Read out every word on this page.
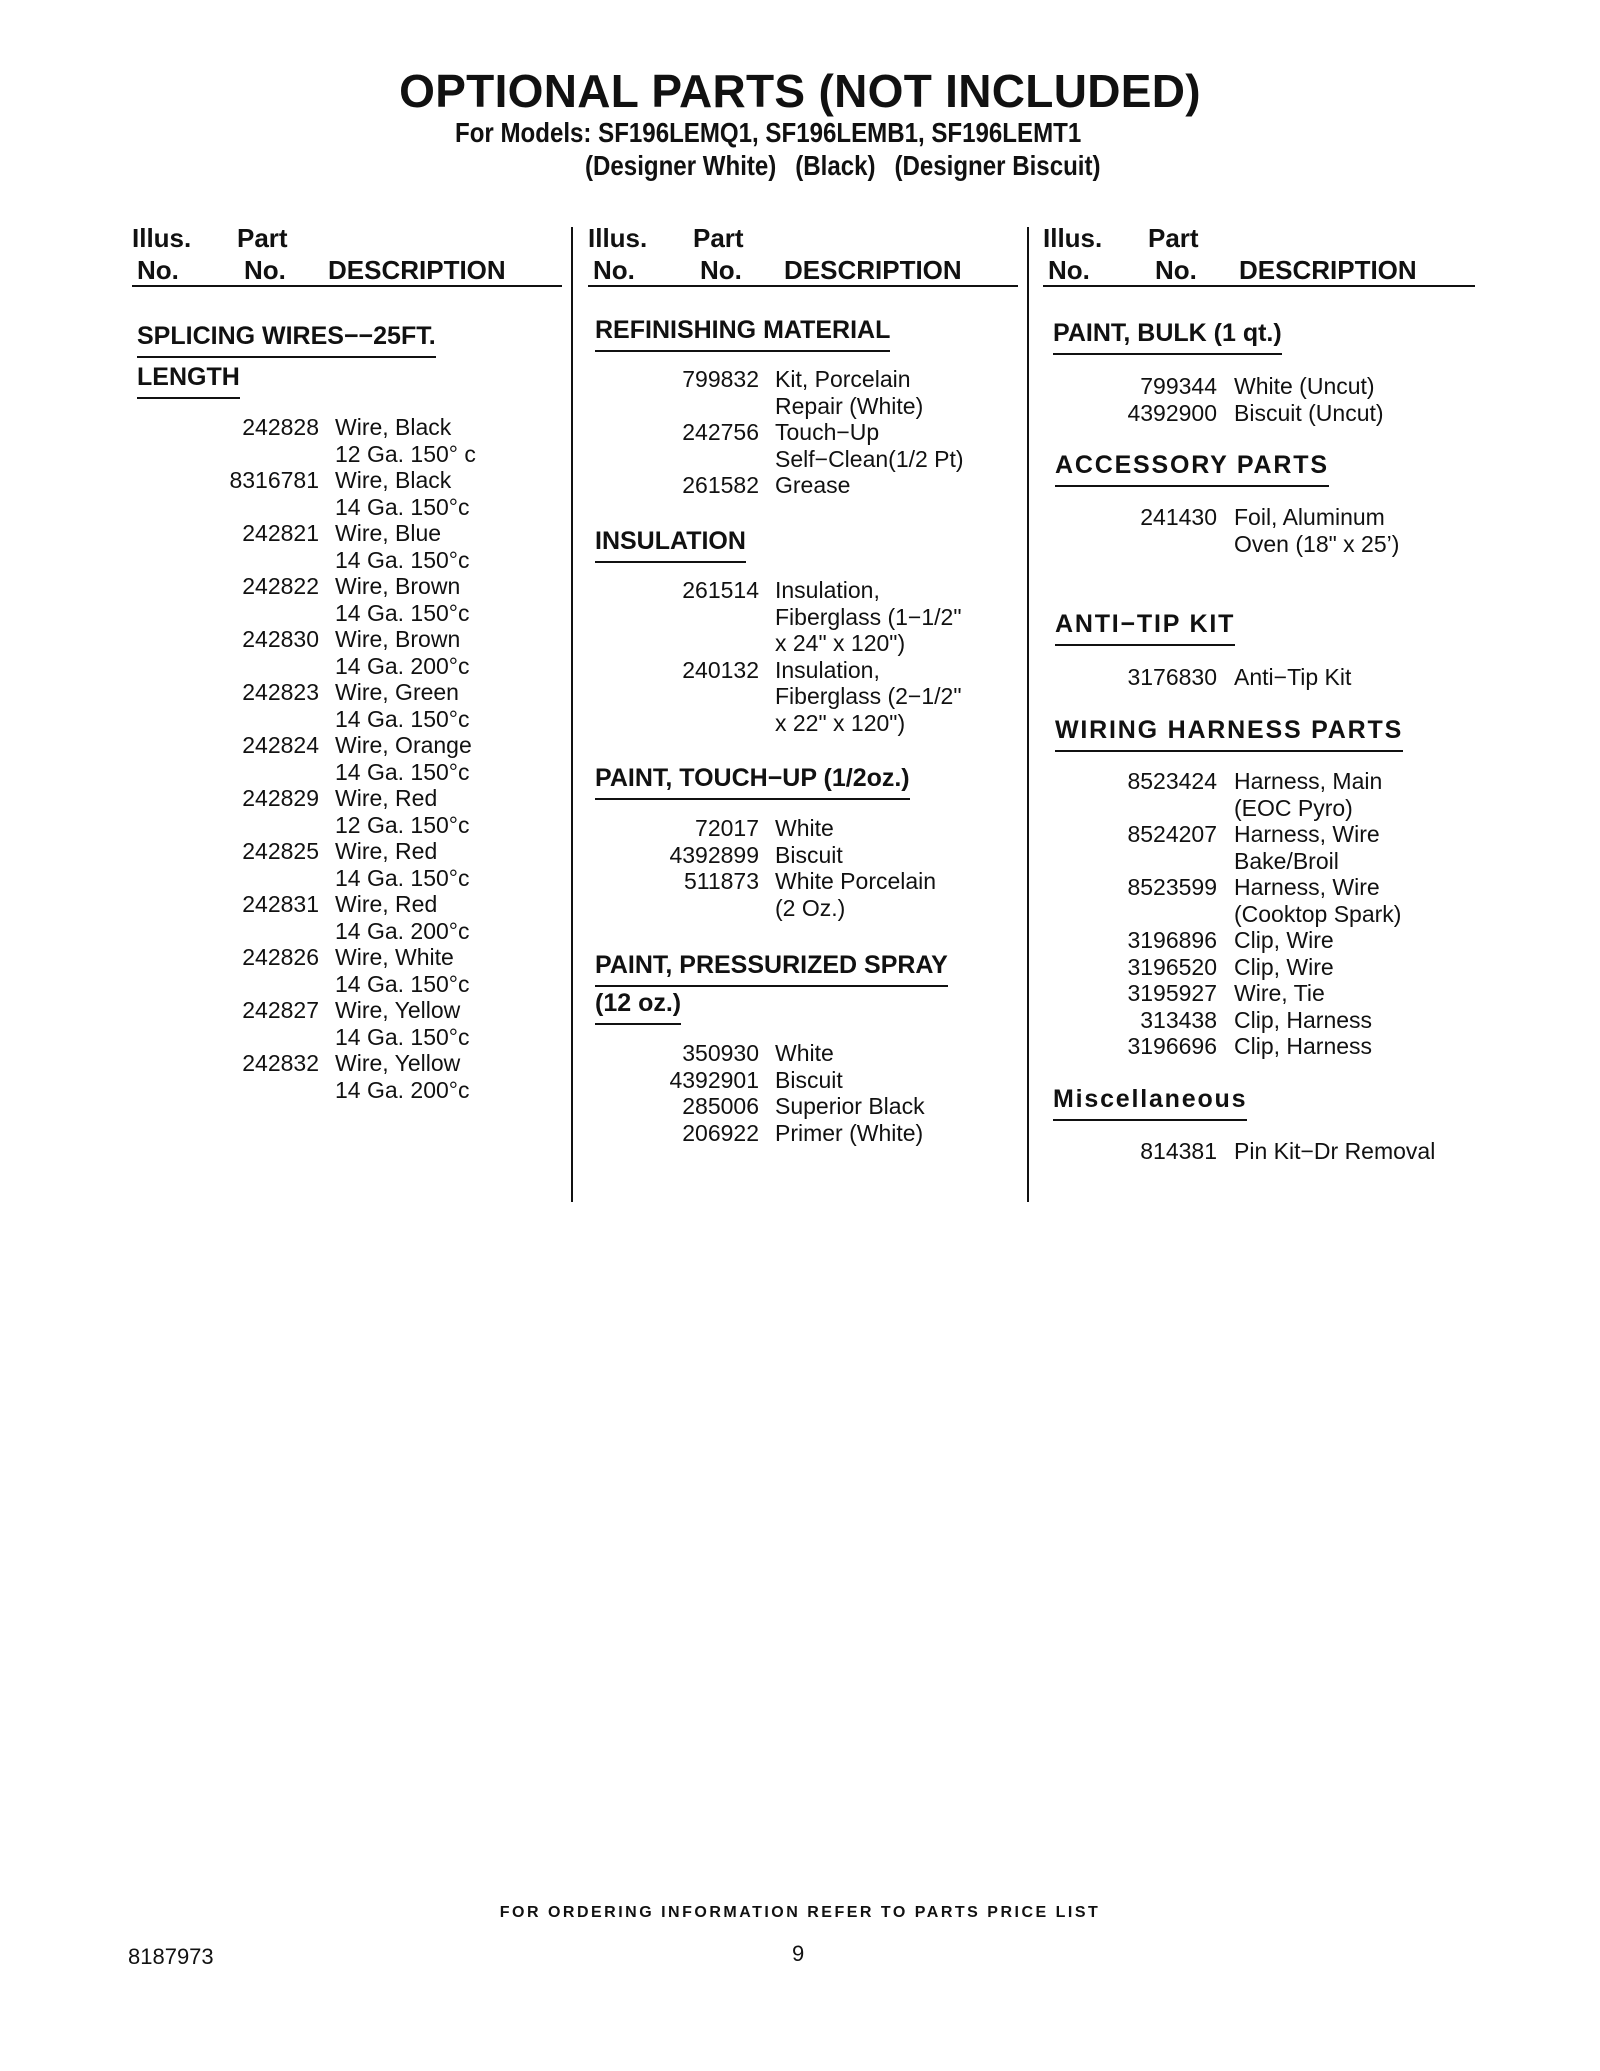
OPTIONAL PARTS (NOT INCLUDED)
For Models: SF196LEMQ1, SF196LEMB1, SF196LEMT1
(Designer White) (Black) (Designer Biscuit)
Illus.
No.
Part
No. DESCRIPTION
Illus.
No.
Part
No. DESCRIPTION
Illus.
No.
Part
No. DESCRIPTION
SPLICING WIRES−−25FT.
LENGTH
242828 Wire, Black
12 Ga. 150° c
8316781 Wire, Black
14 Ga. 150°c
242821 Wire, Blue
14 Ga. 150°c
242822 Wire, Brown
14 Ga. 150°c
242830 Wire, Brown
14 Ga. 200°c
242823 Wire, Green
14 Ga. 150°c
242824 Wire, Orange
14 Ga. 150°c
242829 Wire, Red
12 Ga. 150°c
242825 Wire, Red
14 Ga. 150°c
242831 Wire, Red
14 Ga. 200°c
242826 Wire, White
14 Ga. 150°c
242827 Wire, Yellow
14 Ga. 150°c
242832 Wire, Yellow
14 Ga. 200°c
REFINISHING MATERIAL
INSULATION
PAINT, TOUCH−UP (1/2oz.)
PAINT, PRESSURIZED SPRAY
(12 oz.)
799832 Kit, Porcelain
Repair (White)
242756 Touch−Up
Self−Clean(1/2 Pt)
261582 Grease
261514 Insulation,
Fiberglass (1−1/2"
x 24" x 120")
240132 Insulation,
Fiberglass (2−1/2"
x 22" x 120")
72017 White
4392899 Biscuit
511873 White Porcelain
(2 Oz.)
350930 White
4392901 Biscuit
285006 Superior Black
206922 Primer (White)
PAINT, BULK (1 qt.)
ACCESSORY PARTS
ANTI−TIP KIT
WIRING HARNESS PARTS
Miscellaneous
799344 White (Uncut)
4392900 Biscuit (Uncut)
241430 Foil, Aluminum
Oven (18" x 25’)
3176830 Anti−Tip Kit
8523424 Harness, Main
(EOC Pyro)
8524207 Harness, Wire
Bake/Broil
8523599 Harness, Wire
(Cooktop Spark)
3196896 Clip, Wire
3196520 Clip, Wire
3195927 Wire, Tie
313438 Clip, Harness
3196696 Clip, Harness
814381 Pin Kit−Dr Removal
FOR ORDERING INFORMATION REFER TO PARTS PRICE LIST
8187973	9
